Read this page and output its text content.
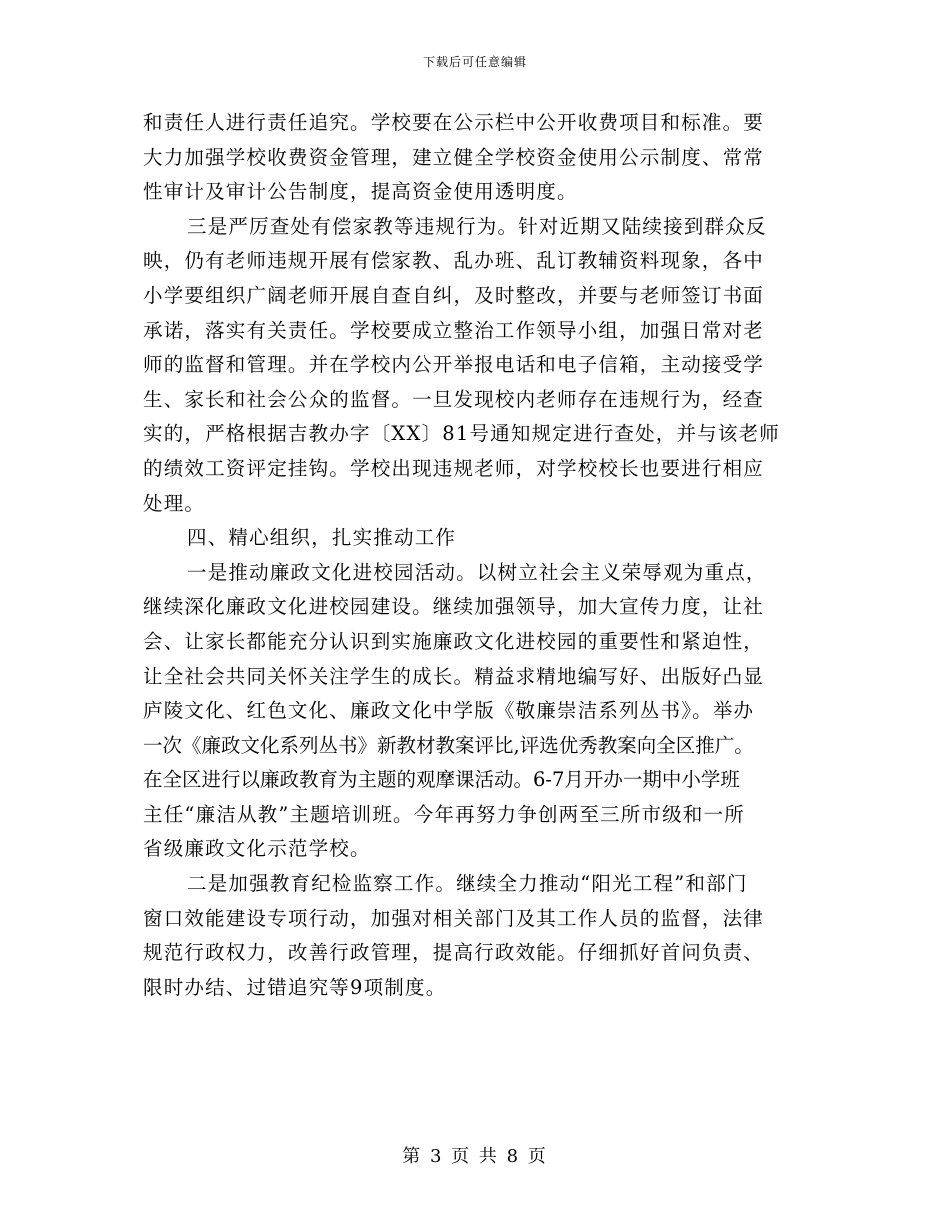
下载后可任意编辑
和责任人进行责任追究。学校要在公示栏中公开收费项目和标准。要
大力加强学校收费资金管理，建立健全学校资金使用公示制度、常常
性审计及审计公告制度，提高资金使用透明度。
三是严厉查处有偿家教等违规行为。针对近期又陆续接到群众反
映，仍有老师违规开展有偿家教、乱办班、乱订教辅资料现象，各中
小学要组织广阔老师开展自查自纠，及时整改，并要与老师签订书面
承诺，落实有关责任。学校要成立整治工作领导小组，加强日常对老
师的监督和管理。并在学校内公开举报电话和电子信箱，主动接受学
生、家长和社会公众的监督。一旦发现校内老师存在违规行为，经查
实的，严格根据吉教办字〔XX〕81号通知规定进行查处，并与该老师
的绩效工资评定挂钩。学校出现违规老师，对学校校长也要进行相应
处理。
四、精心组织，扎实推动工作
一是推动廉政文化进校园活动。以树立社会主义荣辱观为重点，
继续深化廉政文化进校园建设。继续加强领导，加大宣传力度，让社
会、让家长都能充分认识到实施廉政文化进校园的重要性和紧迫性，
让全社会共同关怀关注学生的成长。精益求精地编写好、出版好凸显
庐陵文化、红色文化、廉政文化中学版《敬廉崇洁系列丛书》。举办
一次《廉政文化系列丛书》新教材教案评比,评选优秀教案向全区推广。
在全区进行以廉政教育为主题的观摩课活动。6-7月开办一期中小学班
主任“廉洁从教”主题培训班。今年再努力争创两至三所市级和一所
省级廉政文化示范学校。
二是加强教育纪检监察工作。继续全力推动“阳光工程”和部门
窗口效能建设专项行动，加强对相关部门及其工作人员的监督，法律
规范行政权力，改善行政管理，提高行政效能。仔细抓好首问负责、
限时办结、过错追究等9项制度。
第 3 页 共 8 页
